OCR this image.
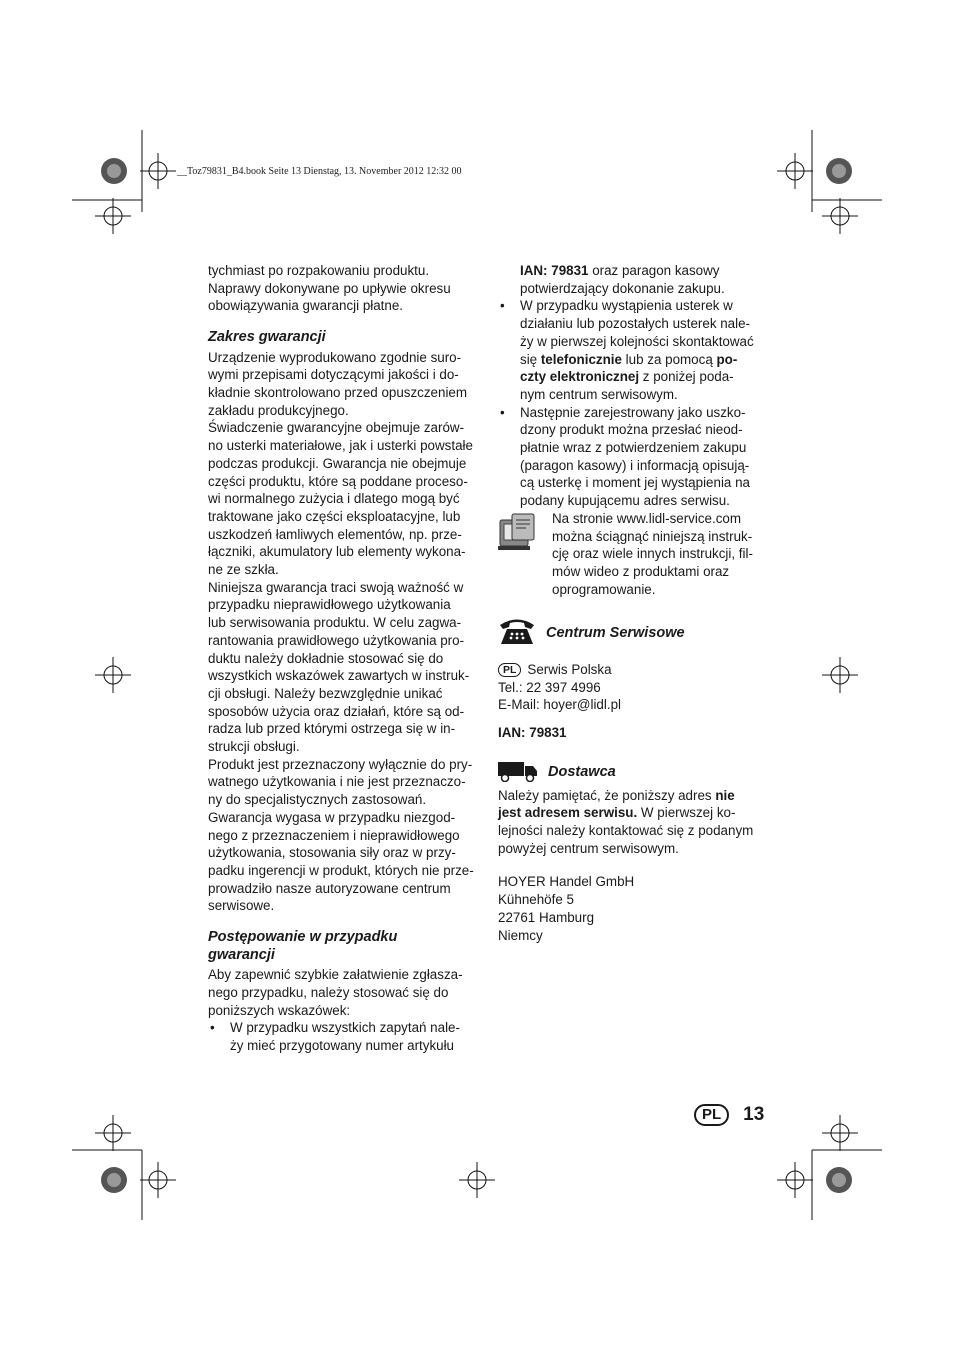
__Toz79831_B4.book Seite 13 Dienstag, 13. November 2012 12:32 00

tychmiast po rozpakowaniu produktu.

Naprawy dokonywane po upływie okresu

obowiązywania gwarancji płatne.

Zakres gwarancji

Urządzenie wyprodukowano zgodnie suro-

wymi przepisami dotyczącymi jakości i do-

kładnie skontrolowano przed opuszczeniem

zakładu produkcyjnego.

Świadczenie gwarancyjne obejmuje zarów-

no usterki materiałowe, jak i usterki powstałe

podczas produkcji. Gwarancja nie obejmuje

części produktu, które są poddane proceso-

wi normalnego zużycia i dlatego mogą być

traktowane jako części eksploatacyjne, lub

uszkodzeń łamliwych elementów, np. prze-

łączniki, akumulatory lub elementy wykona-

ne ze szkła.

Niniejsza gwarancja traci swoją ważność w

przypadku nieprawidłowego użytkowania

lub serwisowania produktu. W celu zagwa-

rantowania prawidłowego użytkowania pro-

duktu należy dokładnie stosować się do

wszystkich wskazówek zawartych w instruk-

cji obsługi. Należy bezwzględnie unikać

sposobów użycia oraz działań, które są od-

radza lub przed którymi ostrzega się w in-

strukcji obsługi.

Produkt jest przeznaczony wyłącznie do pry-

watnego użytkowania i nie jest przeznaczo-

ny do specjalistycznych zastosowań.

Gwarancja wygasa w przypadku niezgod-

nego z przeznaczeniem i nieprawidłowego

użytkowania, stosowania siły oraz w przy-

padku ingerencji w produkt, których nie prze-

prowadziło nasze autoryzowane centrum

serwisowe.

Postępowanie w przypadku
gwarancji

Aby zapewnić szybkie załatwienie zgłasza-

nego przypadku, należy stosować się do

poniższych wskazówek:

• W przypadku wszystkich zapytań nale-

ży mieć przygotowany numer artykułu

IAN: 79831 oraz paragon kasowy

potwierdzający dokonanie zakupu.

• W przypadku wystąpienia usterek w

działaniu lub pozostałych usterek nale-

ży w pierwszej kolejności skontaktować

się telefonicznie lub za pomocą po-

czty elektronicznej z poniżej poda-

nym centrum serwisowym.

• Następnie zarejestrowany jako uszko-

dzony produkt można przesłać nieod-

płatnie wraz z potwierdzeniem zakupu

(paragon kasowy) i informacją opisują-

cą usterkę i moment jej wystąpienia na

podany kupującemu adres serwisu.

Na stronie www.lidl-service.com

można ściągnąć niniejszą instruk-

cję oraz wiele innych instrukcji, fil-

mów wideo z produktami oraz

oprogramowanie.

Centrum Serwisowe

PL Serwis Polska

Tel.: 22 397 4996

E-Mail: hoyer@lidl.pl

IAN: 79831

Dostawca

Należy pamiętać, że poniższy adres nie

jest adresem serwisu. W pierwszej ko-

lejności należy kontaktować się z podanym

powyżej centrum serwisowym.

HOYER Handel GmbH

Kühnehöfe 5

22761 Hamburg

Niemcy

PL	13
